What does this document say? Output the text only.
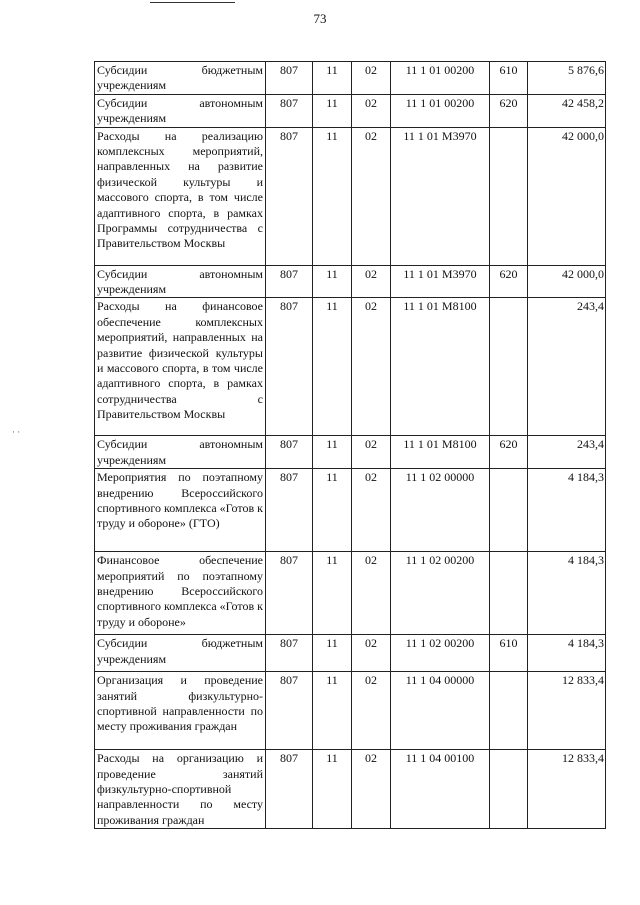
73
· ·
Субсидии бюджетным учреждениям	807	11	02	11 1 01 00200	610	5 876,6
Субсидии автономным учреждениям	807	11	02	11 1 01 00200	620	42 458,2
Расходы на реализацию комплексных мероприятий, направленных на развитие физической культуры и массового спорта, в том числе адаптивного спорта, в рамках Программы сотрудничества с Правительством Москвы	807	11	02	11 1 01 M3970		42 000,0
Субсидии автономным учреждениям	807	11	02	11 1 01 M3970	620	42 000,0
Расходы на финансовое обеспечение комплексных мероприятий, направленных на развитие физической культуры и массового спорта, в том числе адаптивного спорта, в рамках сотрудничества с Правительством Москвы	807	11	02	11 1 01 M8100		243,4
Субсидии автономным учреждениям	807	11	02	11 1 01 M8100	620	243,4
Мероприятия по поэтапному внедрению Всероссийского спортивного комплекса «Готов к труду и обороне» (ГТО)	807	11	02	11 1 02 00000		4 184,3
Финансовое обеспечение мероприятий по поэтапному внедрению Всероссийского спортивного комплекса «Готов к труду и обороне»	807	11	02	11 1 02 00200		4 184,3
Субсидии бюджетным учреждениям	807	11	02	11 1 02 00200	610	4 184,3
Организация и проведение занятий физкультурно-спортивной направленности по месту проживания граждан	807	11	02	11 1 04 00000		12 833,4
Расходы на организацию и проведение занятий физкультурно-спортивной направленности по месту проживания граждан	807	11	02	11 1 04 00100		12 833,4
